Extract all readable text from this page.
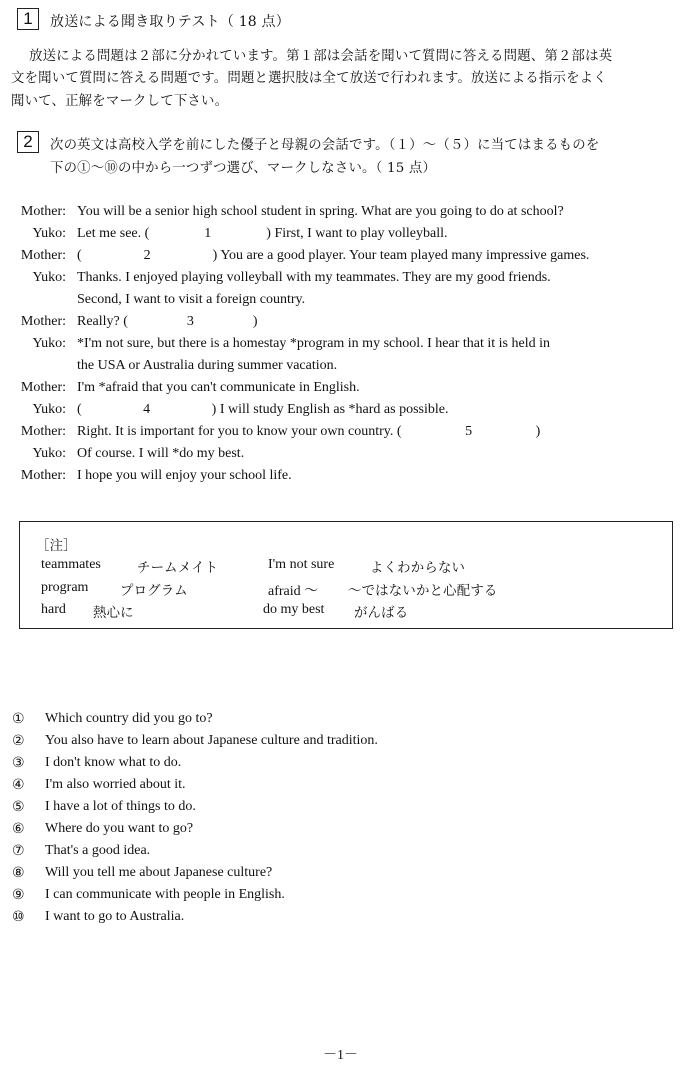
1 放送による聞き取りテスト（ 18 点）
放送による問題は２部に分かれています。第１部は会話を聞いて質問に答える問題、第２部は英
文を聞いて質問に答える問題です。問題と選択肢は全て放送で行われます。放送による指示をよく
聞いて、正解をマークして下さい。
2 次の英文は高校入学を前にした優子と母親の会話です。（１）～（５）に当てはまるものを
下の①～⑩の中から一つずつ選び、マークしなさい。（ 15 点）
Mother: You will be a senior high school student in spring. What are you going to do at school?
Yuko: Let me see. (	1	) First, I want to play volleyball.
Mother: (	2	) You are a good player. Your team played many impressive games.
Yuko: Thanks. I enjoyed playing volleyball with my teammates. They are my good friends.
Second, I want to visit a foreign country.
Mother: Really? (	3	)
Yuko: *I'm not sure, but there is a homestay *program in my school. I hear that it is held in
the USA or Australia during summer vacation.
Mother: I'm *afraid that you can't communicate in English.
Yuko: (	4	) I will study English as *hard as possible.
Mother: Right. It is important for you to know your own country. (	5	)
Yuko: Of course. I will *do my best.
Mother: I hope you will enjoy your school life.
［注］
teammates	チームメイト	I'm not sure	よくわからない
program プログラム	afraid ～ ～ではないかと心配する
hard 熱心に	do my best がんばる
① Which country did you go to?
② You also have to learn about Japanese culture and tradition.
③ I don't know what to do.
④ I'm also worried about it.
⑤ I have a lot of things to do.
⑥ Where do you want to go?
⑦ That's a good idea.
⑧ Will you tell me about Japanese culture?
⑨ I can communicate with people in English.
⑩ I want to go to Australia.
－1－
